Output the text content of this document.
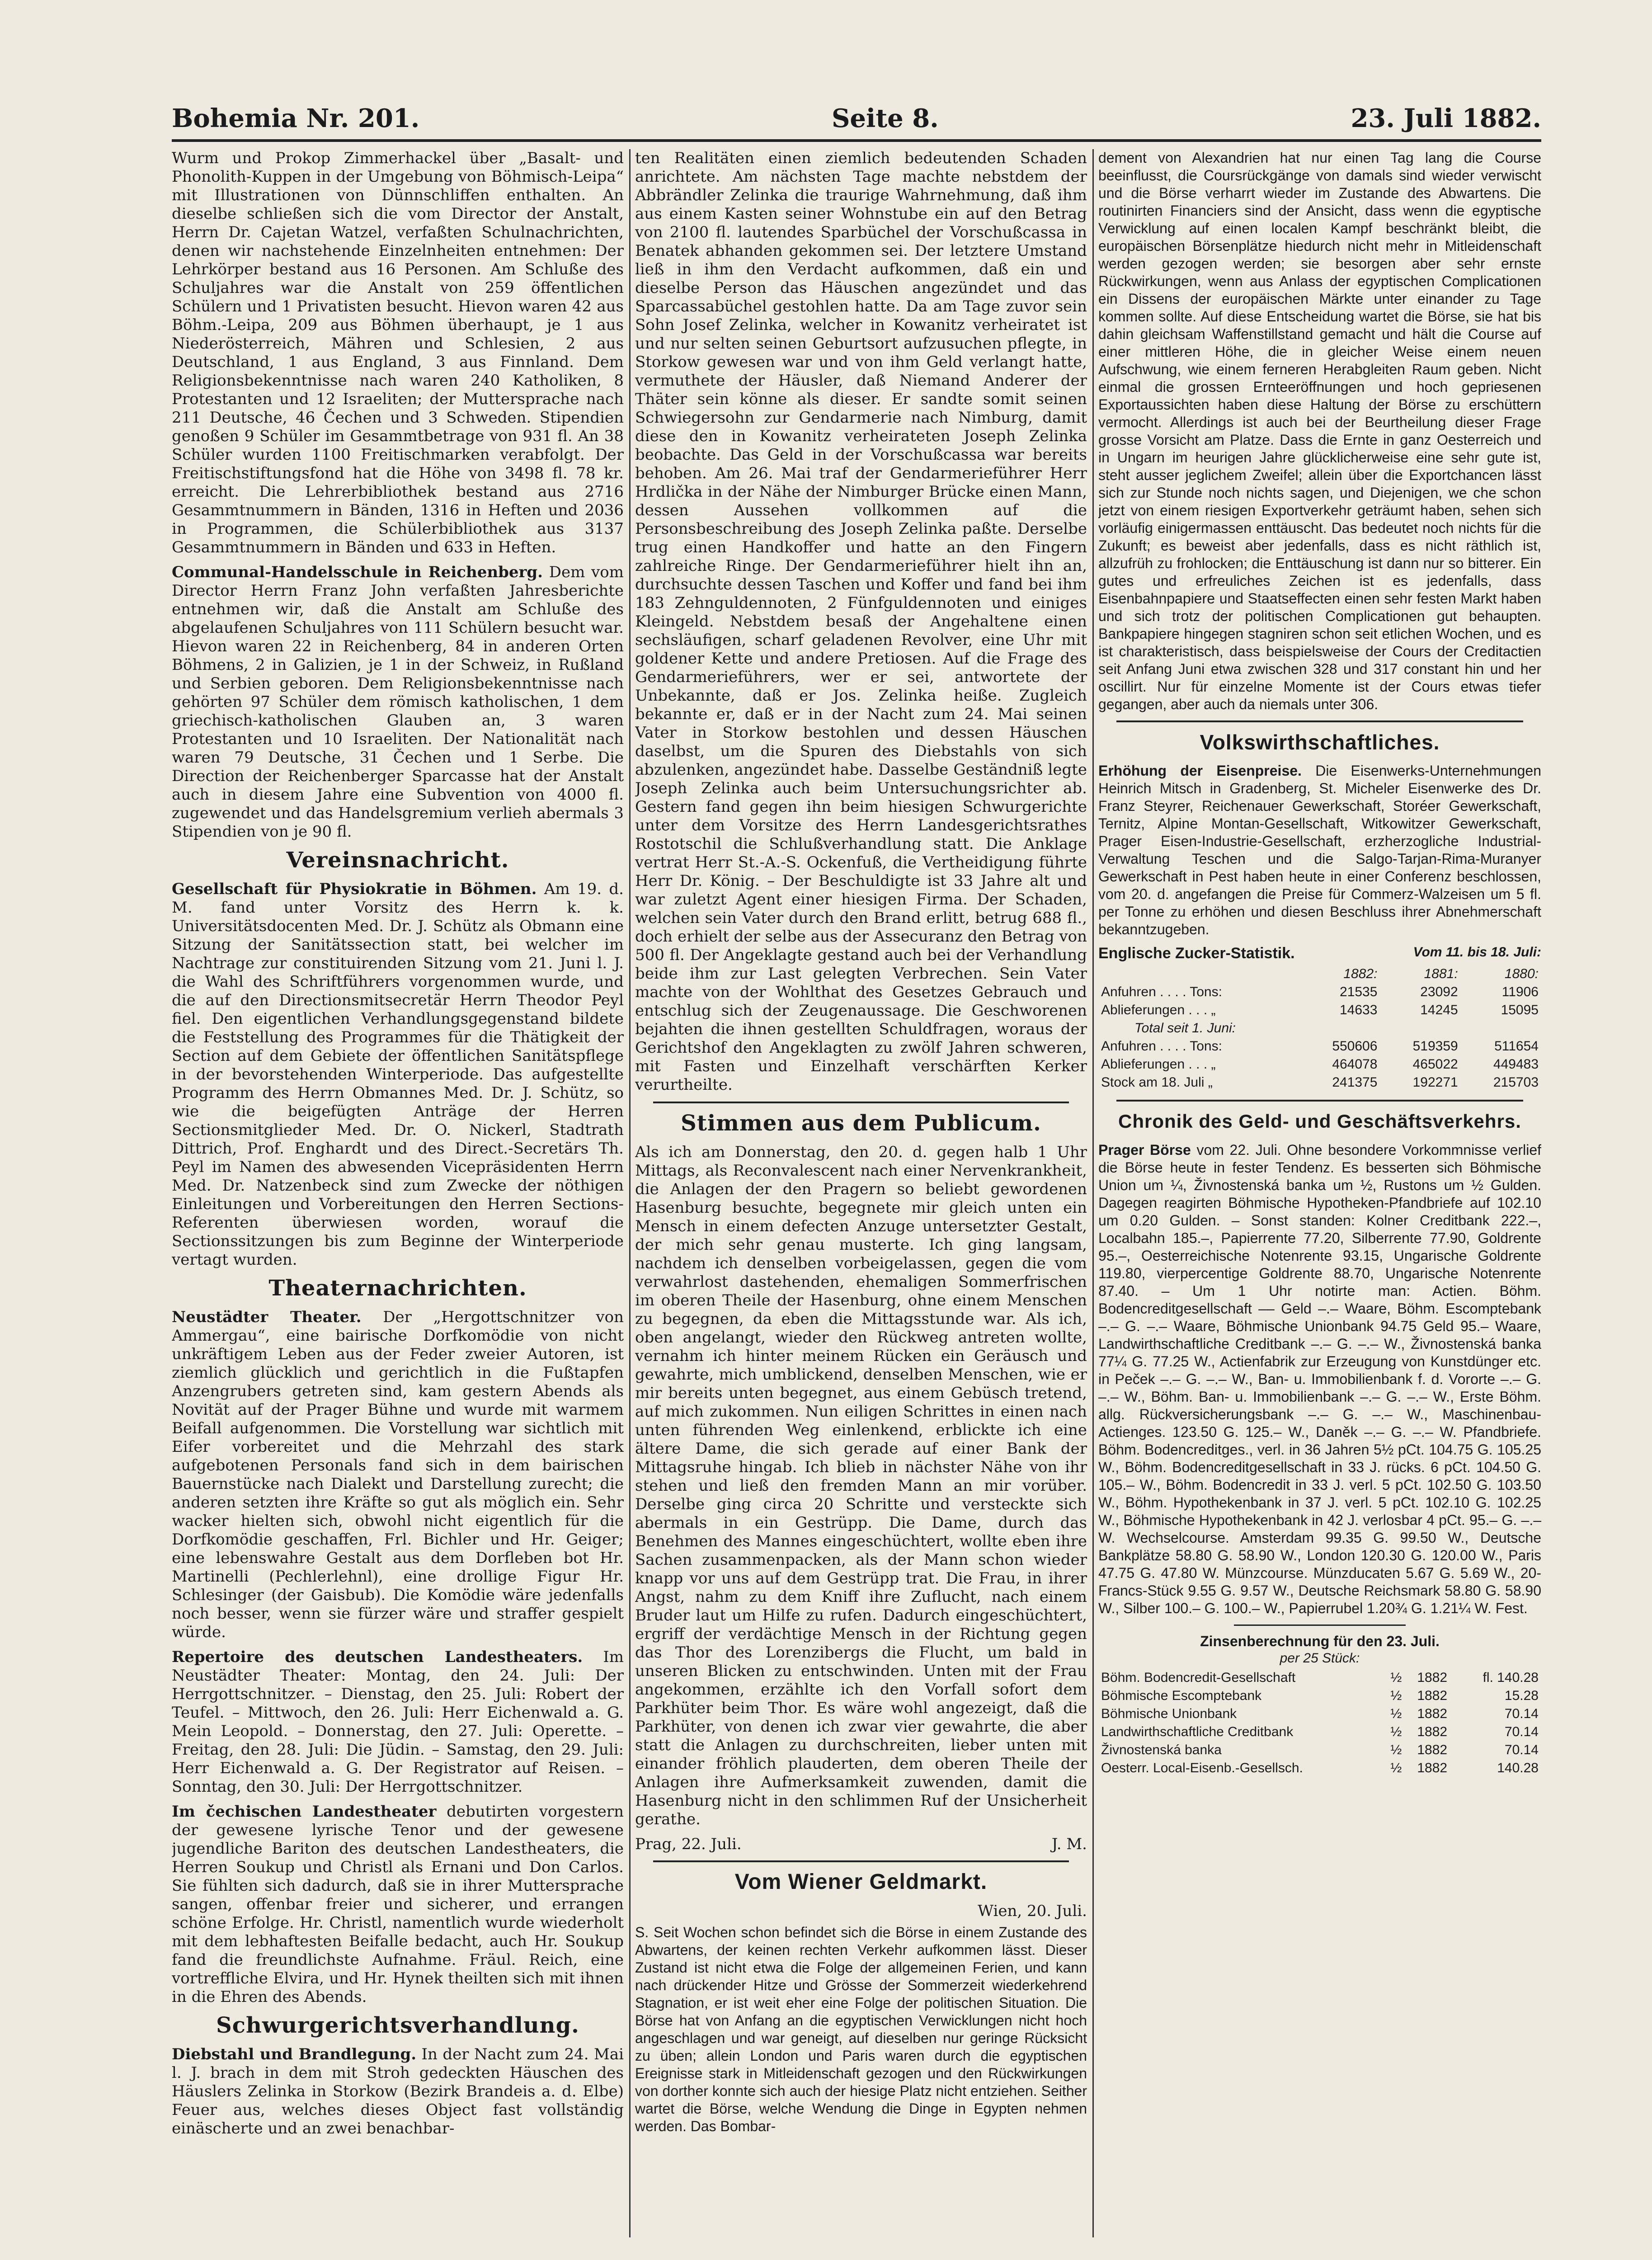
Bohemia Nr. 201.	Seite 8.	23. Juli 1882.

Wurm und Prokop Zimmerhackel über „Basalt- und Phonolith-Kuppen in der Umgebung von Böhmisch-Leipa“ mit Illustrationen von Dünnschliffen enthalten. An dieselbe schließen sich die vom Director der Anstalt, Herrn Dr. Cajetan Watzel, verfaßten Schulnachrichten, denen wir nachstehende Einzelnheiten entnehmen: Der Lehrkörper bestand aus 16 Personen. Am Schluße des Schuljahres war die Anstalt von 259 öffentlichen Schülern und 1 Privatisten besucht. Hievon waren 42 aus Böhm.-Leipa, 209 aus Böhmen überhaupt, je 1 aus Niederösterreich, Mähren und Schlesien, 2 aus Deutschland, 1 aus England, 3 aus Finnland. Dem Religionsbekenntnisse nach waren 240 Katholiken, 8 Protestanten und 12 Israeliten; der Muttersprache nach 211 Deutsche, 46 Čechen und 3 Schweden. Stipendien genoßen 9 Schüler im Gesammtbetrage von 931 fl. An 38 Schüler wurden 1100 Freitischmarken verabfolgt. Der Freitischstiftungsfond hat die Höhe von 3498 fl. 78 kr. erreicht. Die Lehrerbibliothek bestand aus 2716 Gesammtnummern in Bänden, 1316 in Heften und 2036 in Programmen, die Schülerbibliothek aus 3137 Gesammtnummern in Bänden und 633 in Heften.

Communal-Handelsschule in Reichenberg. Dem vom Director Herrn Franz John verfaßten Jahresberichte entnehmen wir, daß die Anstalt am Schluße des abgelaufenen Schuljahres von 111 Schülern besucht war. Hievon waren 22 in Reichenberg, 84 in anderen Orten Böhmens, 2 in Galizien, je 1 in der Schweiz, in Rußland und Serbien geboren. Dem Religionsbekenntnisse nach gehörten 97 Schüler dem römisch katholischen, 1 dem griechisch-katholischen Glauben an, 3 waren Protestanten und 10 Israeliten. Der Nationalität nach waren 79 Deutsche, 31 Čechen und 1 Serbe. Die Direction der Reichenberger Sparcasse hat der Anstalt auch in diesem Jahre eine Subvention von 4000 fl. zugewendet und das Handelsgremium verlieh abermals 3 Stipendien von je 90 fl.

Vereinsnachricht.

Gesellschaft für Physiokratie in Böhmen. Am 19. d. M. fand unter Vorsitz des Herrn k. k. Universitätsdocenten Med. Dr. J. Schütz als Obmann eine Sitzung der Sanitätssection statt, bei welcher im Nachtrage zur constituirenden Sitzung vom 21. Juni l. J. die Wahl des Schriftführers vorgenommen wurde, und die auf den Directionsmitsecretär Herrn Theodor Peyl fiel. Den eigentlichen Verhandlungsgegenstand bildete die Feststellung des Programmes für die Thätigkeit der Section auf dem Gebiete der öffentlichen Sanitätspflege in der bevorstehenden Winterperiode. Das aufgestellte Programm des Herrn Obmannes Med. Dr. J. Schütz, so wie die beigefügten Anträge der Herren Sectionsmitglieder Med. Dr. O. Nickerl, Stadtrath Dittrich, Prof. Enghardt und des Direct.-Secretärs Th. Peyl im Namen des abwesenden Vicepräsidenten Herrn Med. Dr. Natzenbeck sind zum Zwecke der nöthigen Einleitungen und Vorbereitungen den Herren Sections-Referenten überwiesen worden, worauf die Sectionssitzungen bis zum Beginne der Winterperiode vertagt wurden.

Theaternachrichten.

Neustädter Theater. Der „Hergottschnitzer von Ammergau“, eine bairische Dorfkomödie von nicht unkräftigem Leben aus der Feder zweier Autoren, ist ziemlich glücklich und gerichtlich in die Fußtapfen Anzengrubers getreten sind, kam gestern Abends als Novität auf der Prager Bühne und wurde mit warmem Beifall aufgenommen. Die Vorstellung war sichtlich mit Eifer vorbereitet und die Mehrzahl des stark aufgebotenen Personals fand sich in dem bairischen Bauernstücke nach Dialekt und Darstellung zurecht; die anderen setzten ihre Kräfte so gut als möglich ein. Sehr wacker hielten sich, obwohl nicht eigentlich für die Dorfkomödie geschaffen, Frl. Bichler und Hr. Geiger; eine lebenswahre Gestalt aus dem Dorfleben bot Hr. Martinelli (Pechlerlehnl), eine drollige Figur Hr. Schlesinger (der Gaisbub). Die Komödie wäre jedenfalls noch besser, wenn sie fürzer wäre und straffer gespielt würde.

Repertoire des deutschen Landestheaters. Im Neustädter Theater: Montag, den 24. Juli: Der Herrgottschnitzer. – Dienstag, den 25. Juli: Robert der Teufel. – Mittwoch, den 26. Juli: Herr Eichenwald a. G. Mein Leopold. – Donnerstag, den 27. Juli: Operette. – Freitag, den 28. Juli: Die Jüdin. – Samstag, den 29. Juli: Herr Eichenwald a. G. Der Registrator auf Reisen. – Sonntag, den 30. Juli: Der Herrgottschnitzer.

Im čechischen Landestheater debutirten vorgestern der gewesene lyrische Tenor und der gewesene jugendliche Bariton des deutschen Landestheaters, die Herren Soukup und Christl als Ernani und Don Carlos. Sie fühlten sich dadurch, daß sie in ihrer Muttersprache sangen, offenbar freier und sicherer, und errangen schöne Erfolge. Hr. Christl, namentlich wurde wiederholt mit dem lebhaftesten Beifalle bedacht, auch Hr. Soukup fand die freundlichste Aufnahme. Fräul. Reich, eine vortreffliche Elvira, und Hr. Hynek theilten sich mit ihnen in die Ehren des Abends.

Schwurgerichtsverhandlung.

Diebstahl und Brandlegung. In der Nacht zum 24. Mai l. J. brach in dem mit Stroh gedeckten Häuschen des Häuslers Zelinka in Storkow (Bezirk Brandeis a. d. Elbe) Feuer aus, welches dieses Object fast vollständig einäscherte und an zwei benachbar-

ten Realitäten einen ziemlich bedeutenden Schaden anrichtete. Am nächsten Tage machte nebstdem der Abbrändler Zelinka die traurige Wahrnehmung, daß ihm aus einem Kasten seiner Wohnstube ein auf den Betrag von 2100 fl. lautendes Sparbüchel der Vorschußcassa in Benatek abhanden gekommen sei. Der letztere Umstand ließ in ihm den Verdacht aufkommen, daß ein und dieselbe Person das Häuschen angezündet und das Sparcassabüchel gestohlen hatte. Da am Tage zuvor sein Sohn Josef Zelinka, welcher in Kowanitz verheiratet ist und nur selten seinen Geburtsort aufzusuchen pflegte, in Storkow gewesen war und von ihm Geld verlangt hatte, vermuthete der Häusler, daß Niemand Anderer der Thäter sein könne als dieser. Er sandte somit seinen Schwiegersohn zur Gendarmerie nach Nimburg, damit diese den in Kowanitz verheirateten Joseph Zelinka beobachte. Das Geld in der Vorschußcassa war bereits behoben. Am 26. Mai traf der Gendarmerieführer Herr Hrdlička in der Nähe der Nimburger Brücke einen Mann, dessen Aussehen vollkommen auf die Personsbeschreibung des Joseph Zelinka paßte. Derselbe trug einen Handkoffer und hatte an den Fingern zahlreiche Ringe. Der Gendarmerieführer hielt ihn an, durchsuchte dessen Taschen und Koffer und fand bei ihm 183 Zehnguldennoten, 2 Fünfguldennoten und einiges Kleingeld. Nebstdem besaß der Angehaltene einen sechsläufigen, scharf geladenen Revolver, eine Uhr mit goldener Kette und andere Pretiosen. Auf die Frage des Gendarmerieführers, wer er sei, antwortete der Unbekannte, daß er Jos. Zelinka heiße. Zugleich bekannte er, daß er in der Nacht zum 24. Mai seinen Vater in Storkow bestohlen und dessen Häuschen daselbst, um die Spuren des Diebstahls von sich abzulenken, angezündet habe. Dasselbe Geständniß legte Joseph Zelinka auch beim Untersuchungsrichter ab. Gestern fand gegen ihn beim hiesigen Schwurgerichte unter dem Vorsitze des Herrn Landesgerichtsrathes Rostotschil die Schlußverhandlung statt. Die Anklage vertrat Herr St.-A.-S. Ockenfuß, die Vertheidigung führte Herr Dr. König. – Der Beschuldigte ist 33 Jahre alt und war zuletzt Agent einer hiesigen Firma. Der Schaden, welchen sein Vater durch den Brand erlitt, betrug 688 fl., doch erhielt der selbe aus der Assecuranz den Betrag von 500 fl. Der Angeklagte gestand auch bei der Verhandlung beide ihm zur Last gelegten Verbrechen. Sein Vater machte von der Wohlthat des Gesetzes Gebrauch und entschlug sich der Zeugenaussage. Die Geschworenen bejahten die ihnen gestellten Schuldfragen, woraus der Gerichtshof den Angeklagten zu zwölf Jahren schweren, mit Fasten und Einzelhaft verschärften Kerker verurtheilte.

Stimmen aus dem Publicum.

Als ich am Donnerstag, den 20. d. gegen halb 1 Uhr Mittags, als Reconvalescent nach einer Nervenkrankheit, die Anlagen der den Pragern so beliebt gewordenen Hasenburg besuchte, begegnete mir gleich unten ein Mensch in einem defecten Anzuge untersetzter Gestalt, der mich sehr genau musterte. Ich ging langsam, nachdem ich denselben vorbeigelassen, gegen die vom verwahrlost dastehenden, ehemaligen Sommerfrischen im oberen Theile der Hasenburg, ohne einem Menschen zu begegnen, da eben die Mittagsstunde war. Als ich, oben angelangt, wieder den Rückweg antreten wollte, vernahm ich hinter meinem Rücken ein Geräusch und gewahrte, mich umblickend, denselben Menschen, wie er mir bereits unten begegnet, aus einem Gebüsch tretend, auf mich zukommen. Nun eiligen Schrittes in einen nach unten führenden Weg einlenkend, erblickte ich eine ältere Dame, die sich gerade auf einer Bank der Mittagsruhe hingab. Ich blieb in nächster Nähe von ihr stehen und ließ den fremden Mann an mir vorüber. Derselbe ging circa 20 Schritte und versteckte sich abermals in ein Gestrüpp. Die Dame, durch das Benehmen des Mannes eingeschüchtert, wollte eben ihre Sachen zusammenpacken, als der Mann schon wieder knapp vor uns auf dem Gestrüpp trat. Die Frau, in ihrer Angst, nahm zu dem Kniff ihre Zuflucht, nach einem Bruder laut um Hilfe zu rufen. Dadurch eingeschüchtert, ergriff der verdächtige Mensch in der Richtung gegen das Thor des Lorenzibergs die Flucht, um bald in unseren Blicken zu entschwinden. Unten mit der Frau angekommen, erzählte ich den Vorfall sofort dem Parkhüter beim Thor. Es wäre wohl angezeigt, daß die Parkhüter, von denen ich zwar vier gewahrte, die aber statt die Anlagen zu durchschreiten, lieber unten mit einander fröhlich plauderten, dem oberen Theile der Anlagen ihre Aufmerksamkeit zuwenden, damit die Hasenburg nicht in den schlimmen Ruf der Unsicherheit gerathe.

Prag, 22. Juli.	J. M.
Vom Wiener Geldmarkt.
Wien, 20. Juli.

S. Seit Wochen schon befindet sich die Börse in einem Zustande des Abwartens, der keinen rechten Verkehr aufkommen lässt. Dieser Zustand ist nicht etwa die Folge der allgemeinen Ferien, und kann nach drückender Hitze und Grösse der Sommerzeit wiederkehrend Stagnation, er ist weit eher eine Folge der politischen Situation. Die Börse hat von Anfang an die egyptischen Verwicklungen nicht hoch angeschlagen und war geneigt, auf dieselben nur geringe Rücksicht zu üben; allein London und Paris waren durch die egyptischen Ereignisse stark in Mitleidenschaft gezogen und den Rückwirkungen von dorther konnte sich auch der hiesige Platz nicht entziehen. Seither wartet die Börse, welche Wendung die Dinge in Egypten nehmen werden. Das Bombar-

dement von Alexandrien hat nur einen Tag lang die Course beeinflusst, die Coursrückgänge von damals sind wieder verwischt und die Börse verharrt wieder im Zustande des Abwartens. Die routinirten Financiers sind der Ansicht, dass wenn die egyptische Verwicklung auf einen localen Kampf beschränkt bleibt, die europäischen Börsenplätze hiedurch nicht mehr in Mitleidenschaft werden gezogen werden; sie besorgen aber sehr ernste Rückwirkungen, wenn aus Anlass der egyptischen Complicationen ein Dissens der europäischen Märkte unter einander zu Tage kommen sollte. Auf diese Entscheidung wartet die Börse, sie hat bis dahin gleichsam Waffenstillstand gemacht und hält die Course auf einer mittleren Höhe, die in gleicher Weise einem neuen Aufschwung, wie einem ferneren Herabgleiten Raum geben. Nicht einmal die grossen Ernteeröffnungen und hoch gepriesenen Exportaussichten haben diese Haltung der Börse zu erschüttern vermocht. Allerdings ist auch bei der Beurtheilung dieser Frage grosse Vorsicht am Platze. Dass die Ernte in ganz Oesterreich und in Ungarn im heurigen Jahre glücklicherweise eine sehr gute ist, steht ausser jeglichem Zweifel; allein über die Exportchancen lässt sich zur Stunde noch nichts sagen, und Diejenigen, we che schon jetzt von einem riesigen Exportverkehr geträumt haben, sehen sich vorläufig einigermassen enttäuscht. Das bedeutet noch nichts für die Zukunft; es beweist aber jedenfalls, dass es nicht räthlich ist, allzufrüh zu frohlocken; die Enttäuschung ist dann nur so bitterer. Ein gutes und erfreuliches Zeichen ist es jedenfalls, dass Eisenbahnpapiere und Staatseffecten einen sehr festen Markt haben und sich trotz der politischen Complicationen gut behaupten. Bankpapiere hingegen stagniren schon seit etlichen Wochen, und es ist charakteristisch, dass beispielsweise der Cours der Creditactien seit Anfang Juni etwa zwischen 328 und 317 constant hin und her oscillirt. Nur für einzelne Momente ist der Cours etwas tiefer gegangen, aber auch da niemals unter 306.

Volkswirthschaftliches.

Erhöhung der Eisenpreise. Die Eisenwerks-Unternehmungen Heinrich Mitsch in Gradenberg, St. Micheler Eisenwerke des Dr. Franz Steyrer, Reichenauer Gewerkschaft, Storéer Gewerkschaft, Ternitz, Alpine Montan-Gesellschaft, Witkowitzer Gewerkschaft, Prager Eisen-Industrie-Gesellschaft, erzherzogliche Industrial-Verwaltung Teschen und die Salgo-Tarjan-Rima-Muranyer Gewerkschaft in Pest haben heute in einer Conferenz beschlossen, vom 20. d. angefangen die Preise für Commerz-Walzeisen um 5 fl. per Tonne zu erhöhen und diesen Beschluss ihrer Abnehmerschaft bekanntzugeben.

Englische Zucker-Statistik.	Vom 11. bis 18. Juli:
	1882:	1881:	1880:
Anfuhren . . . . Tons:	21535	23092	11906
Ablieferungen . . . „	14633	14245	15095
Total seit 1. Juni:			
Anfuhren . . . . Tons:	550606	519359	511654
Ablieferungen . . . „	464078	465022	449483
Stock am 18. Juli „	241375	192271	215703
Chronik des Geld- und Geschäftsverkehrs.

Prager Börse vom 22. Juli. Ohne besondere Vorkommnisse verlief die Börse heute in fester Tendenz. Es besserten sich Böhmische Union um ¼, Živnostenská banka um ½, Rustons um ½ Gulden. Dagegen reagirten Böhmische Hypotheken-Pfandbriefe auf 102.10 um 0.20 Gulden. – Sonst standen: Kolner Creditbank 222.–, Localbahn 185.–, Papierrente 77.20, Silberrente 77.90, Goldrente 95.–, Oesterreichische Notenrente 93.15, Ungarische Goldrente 119.80, vierpercentige Goldrente 88.70, Ungarische Notenrente 87.40. – Um 1 Uhr notirte man: Actien. Böhm. Bodencreditgesellschaft –– Geld –.– Waare, Böhm. Escomptebank –.– G. –.– Waare, Böhmische Unionbank 94.75 Geld 95.– Waare, Landwirthschaftliche Creditbank –.– G. –.– W., Živnostenská banka 77¼ G. 77.25 W., Actienfabrik zur Erzeugung von Kunstdünger etc. in Peček –.– G. –.– W., Ban- u. Immobilienbank f. d. Vororte –.– G. –.– W., Böhm. Ban- u. Immobilienbank –.– G. –.– W., Erste Böhm. allg. Rückversicherungsbank –.– G. –.– W., Maschinenbau-Actienges. 123.50 G. 125.– W., Daněk –.– G. –.– W. Pfandbriefe. Böhm. Bodencreditges., verl. in 36 Jahren 5½ pCt. 104.75 G. 105.25 W., Böhm. Bodencreditgesellschaft in 33 J. rücks. 6 pCt. 104.50 G. 105.– W., Böhm. Bodencredit in 33 J. verl. 5 pCt. 102.50 G. 103.50 W., Böhm. Hypothekenbank in 37 J. verl. 5 pCt. 102.10 G. 102.25 W., Böhmische Hypothekenbank in 42 J. verlosbar 4 pCt. 95.– G. –.– W. Wechselcourse. Amsterdam 99.35 G. 99.50 W., Deutsche Bankplätze 58.80 G. 58.90 W., London 120.30 G. 120.00 W., Paris 47.75 G. 47.80 W. Münzcourse. Münzducaten 5.67 G. 5.69 W., 20-Francs-Stück 9.55 G. 9.57 W., Deutsche Reichsmark 58.80 G. 58.90 W., Silber 100.– G. 100.– W., Papierrubel 1.20¾ G. 1.21¼ W. Fest.

Zinsenberechnung für den 23. Juli.
per 25 Stück:
Böhm. Bodencredit-Gesellschaft	½	1882	fl. 140.28
Böhmische Escomptebank	½	1882	15.28
Böhmische Unionbank	½	1882	70.14
Landwirthschaftliche Creditbank	½	1882	70.14
Živnostenská banka	½	1882	70.14
Oesterr. Local-Eisenb.-Gesellsch.	½	1882	140.28
